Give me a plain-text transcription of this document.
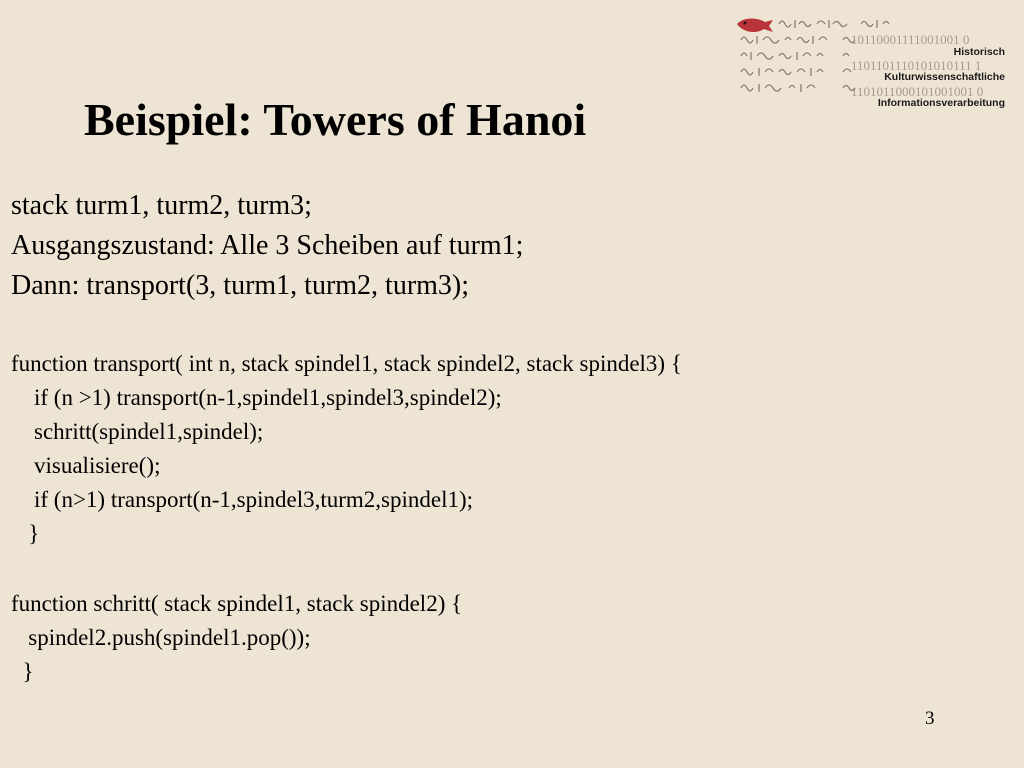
10110001111001001 0
1101101110101010111 1
1101011000101001001 0
Historisch
Kulturwissenschaftliche
Informationsverarbeitung
Beispiel: Towers of Hanoi
stack turm1, turm2, turm3;
Ausgangszustand: Alle 3 Scheiben auf turm1;
Dann: transport(3, turm1, turm2, turm3);
function transport( int n, stack spindel1, stack spindel2, stack spindel3) {
if (n >1) transport(n-1,spindel1,spindel3,spindel2);
schritt(spindel1,spindel);
visualisiere();
if (n>1) transport(n-1,spindel3,turm2,spindel1);
}
function schritt( stack spindel1, stack spindel2) {
spindel2.push(spindel1.pop());
}
3
